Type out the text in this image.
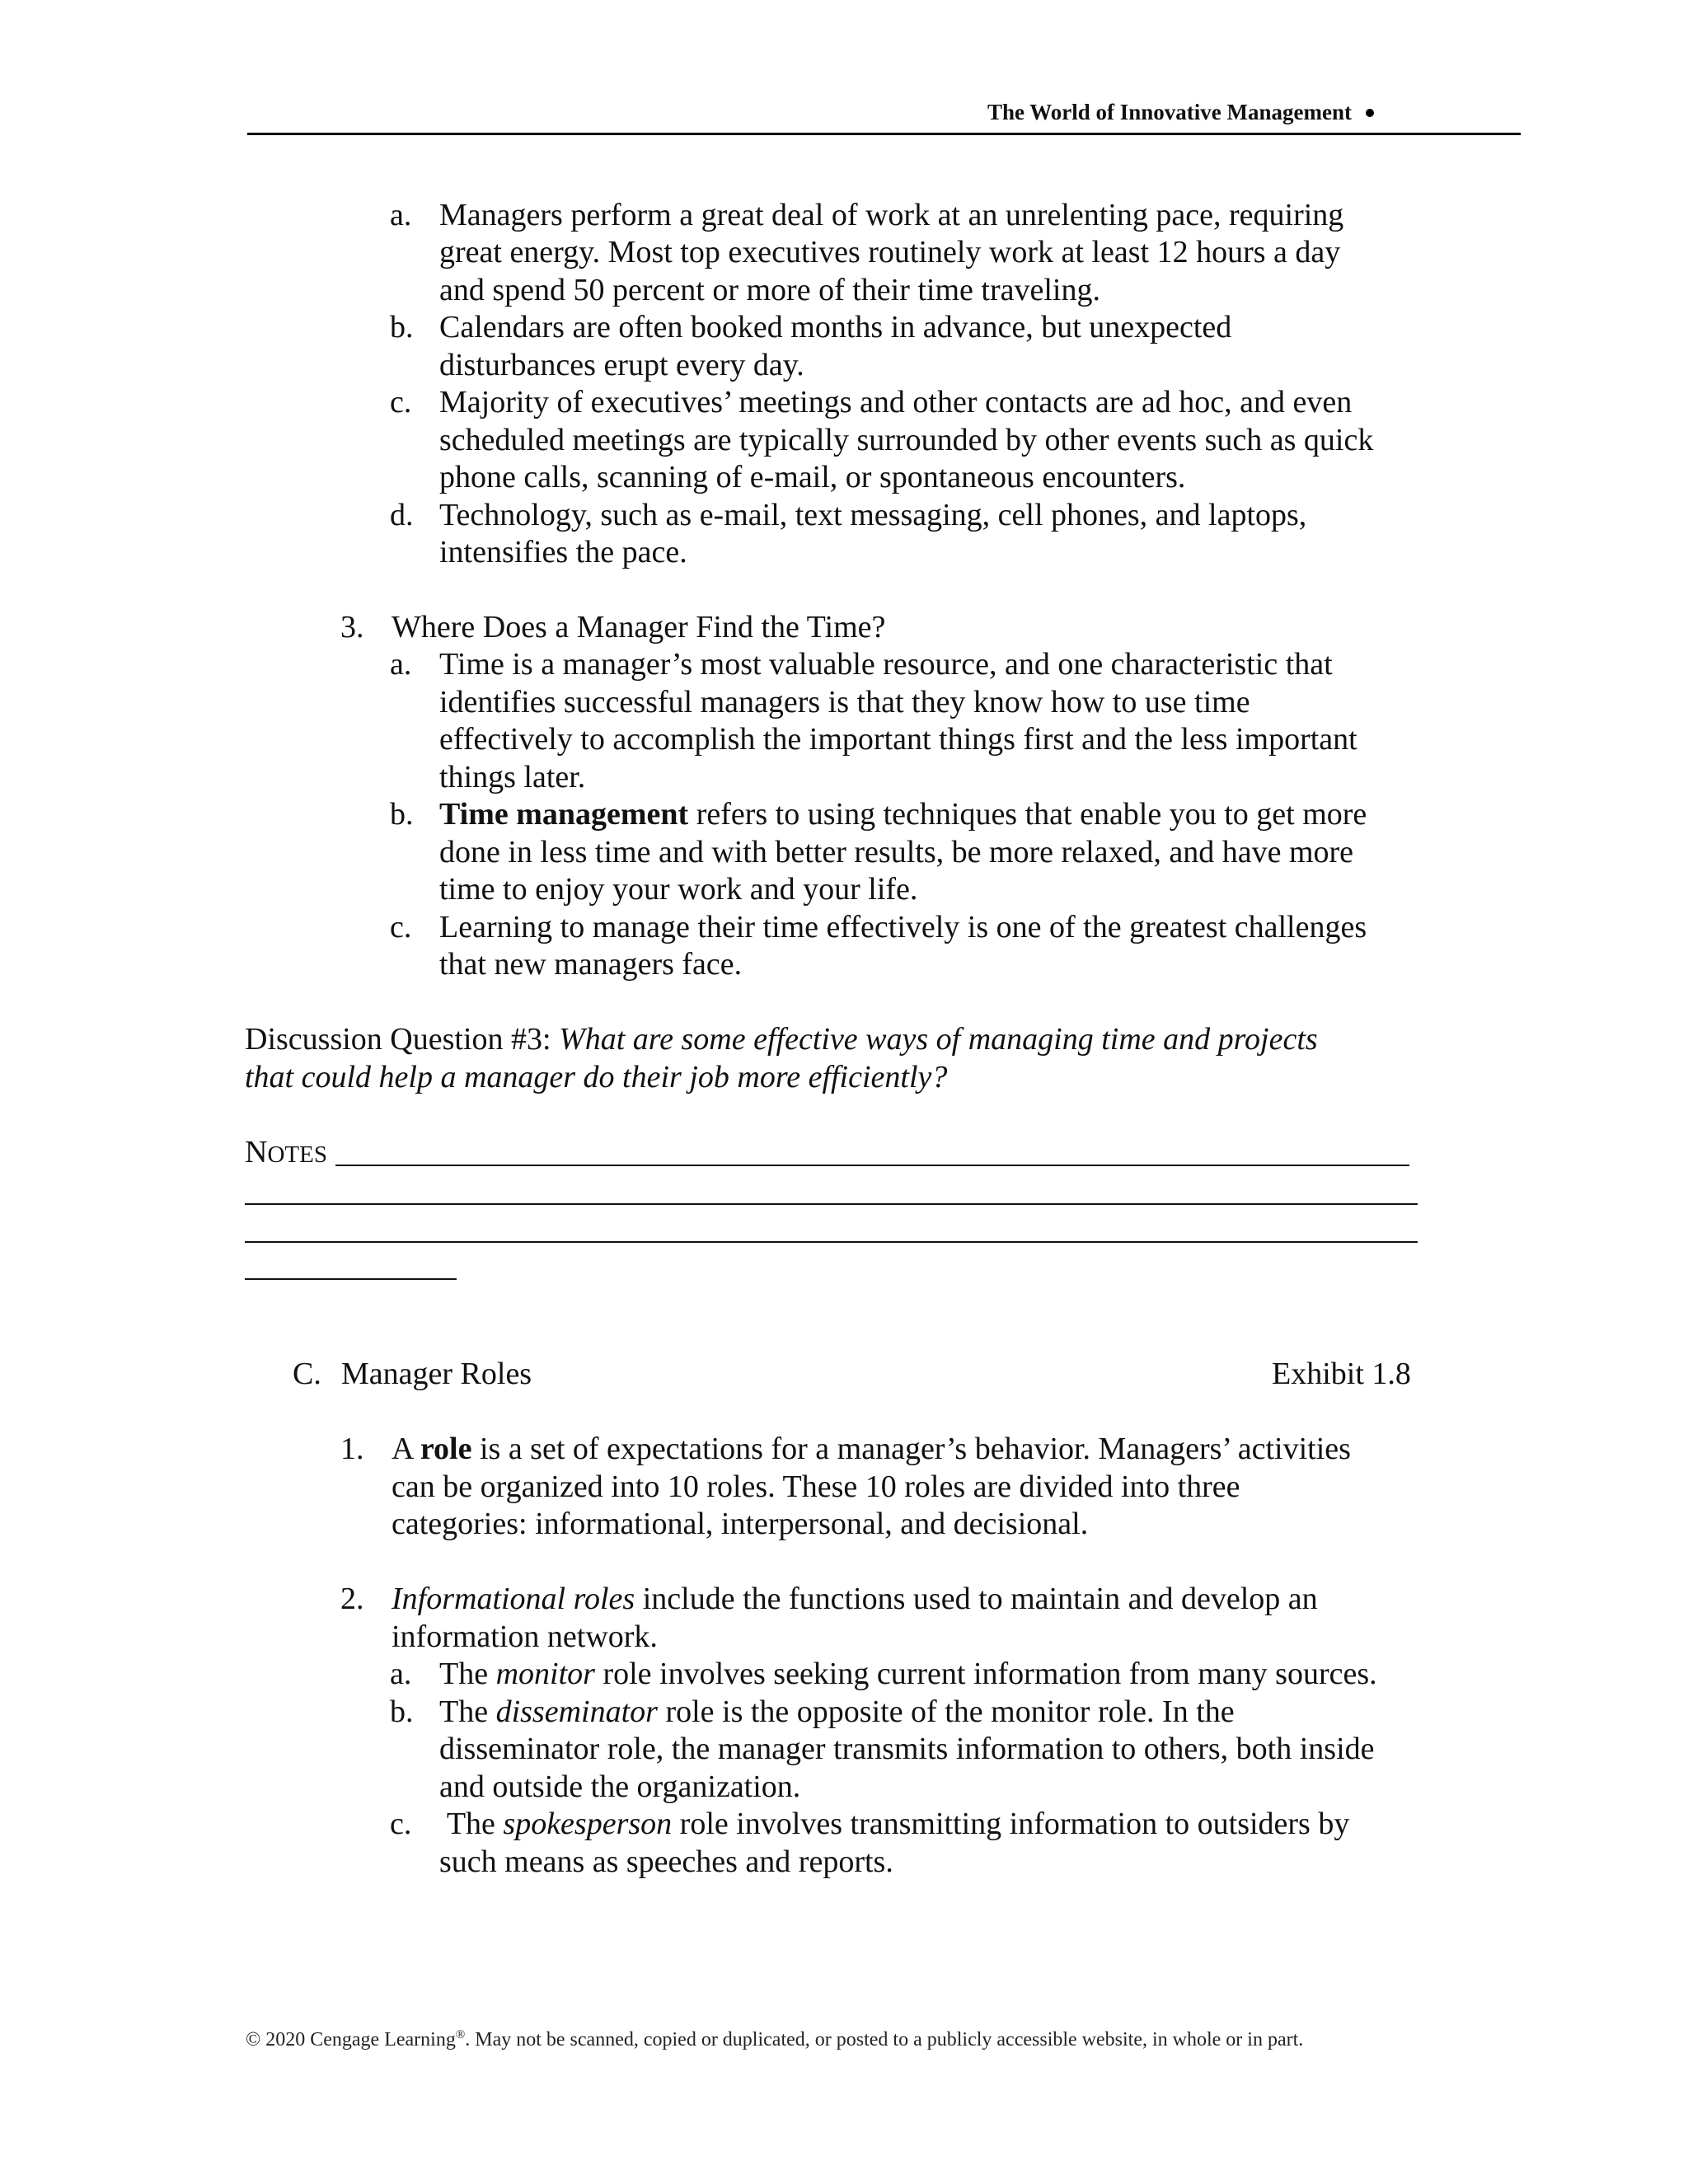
The World of Innovative Management
a. Managers perform a great deal of work at an unrelenting pace, requiring
great energy. Most top executives routinely work at least 12 hours a day
and spend 50 percent or more of their time traveling.
b. Calendars are often booked months in advance, but unexpected
disturbances erupt every day.
c. Majority of executives’ meetings and other contacts are ad hoc, and even
scheduled meetings are typically surrounded by other events such as quick
phone calls, scanning of e-mail, or spontaneous encounters.
d. Technology, such as e-mail, text messaging, cell phones, and laptops,
intensifies the pace.
3. Where Does a Manager Find the Time?
a. Time is a manager’s most valuable resource, and one characteristic that
identifies successful managers is that they know how to use time
effectively to accomplish the important things first and the less important
things later.
b. Time management refers to using techniques that enable you to get more
done in less time and with better results, be more relaxed, and have more
time to enjoy your work and your life.
c. Learning to manage their time effectively is one of the greatest challenges
that new managers face.
Discussion Question #3: What are some effective ways of managing time and projects
that could help a manager do their job more efficiently?
NOTES
C. Manager Roles	Exhibit 1.8
1. A role is a set of expectations for a manager’s behavior. Managers’ activities
can be organized into 10 roles. These 10 roles are divided into three
categories: informational, interpersonal, and decisional.
2. Informational roles include the functions used to maintain and develop an
information network.
a. The monitor role involves seeking current information from many sources.
b. The disseminator role is the opposite of the monitor role. In the
disseminator role, the manager transmits information to others, both inside
and outside the organization.
c. The spokesperson role involves transmitting information to outsiders by
such means as speeches and reports.
© 2020 Cengage Learning®. May not be scanned, copied or duplicated, or posted to a publicly accessible website, in whole or in part.
